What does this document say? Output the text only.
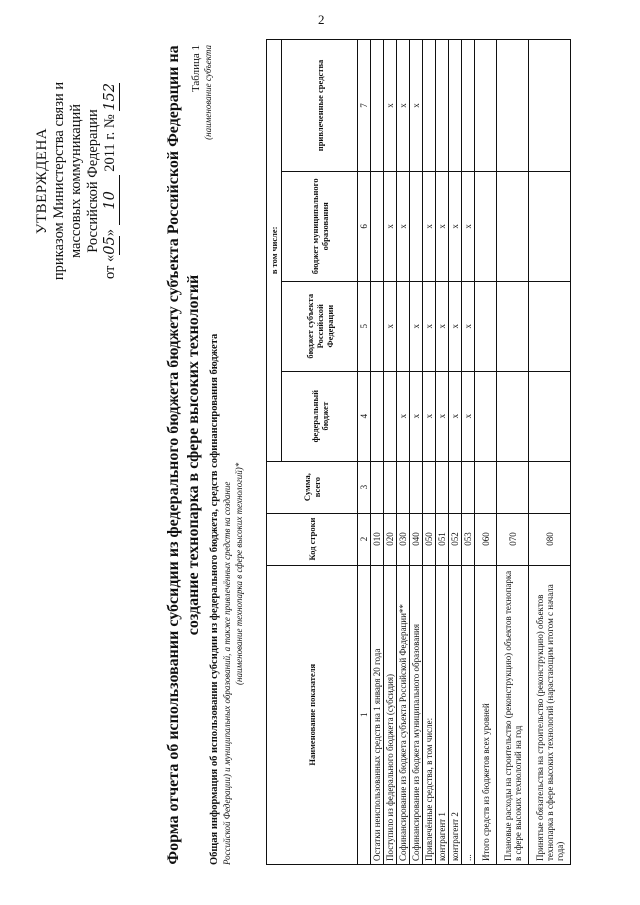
2
УТВЕРЖДЕНА приказом Министерства связи и массовых коммуникаций Российской Федерации
от «05» 10 2011 г. № 152	Форма отчета об использовании субсидии из федерального бюджета бюджету субъекта Российской Федерации на создание технопарка в сфере высоких технологий
Таблица 1 (наименование субъекта
Общая информация об использовании субсидии из федерального бюджета, средств софинансирования бюджета Российской Федерации) и муниципальных образований, а также привлечённых средств на создание (наименование технопарка в сфере высоких технологий)*
Наименование показателя	Код строки	Сумма, всего	в том числе:			
			федеральный бюджет	бюджет субъекта Российской Федерации	бюджет муниципального образования	привлеченные средства
1	2	3	4	5	6	7
Остатки неиспользованных средств на 1 января 20 года	010					
Поступило из федерального бюджета (субсидия)	020			х	х	х
Софинансирование из бюджета субъекта Российской Федерации**	030		х		х	х
Софинансирование из бюджета муниципального образования	040		х	х		х
Привлечённые средства, в том числе:	050		х	х	х	
контрагент 1	051		х	х	х	
контрагент 2	052		х	х	х	
...	053		х	х	х	
Итого средств из бюджетов всех уровней	060					
Плановые расходы на строительство (реконструкцию) объектов технопарка в сфере высоких технологий на год	070					
Принятые обязательства на строительство (реконструкцию) объектов технопарка в сфере высоких технологий (нарастающим итогом с начала года)	080					
